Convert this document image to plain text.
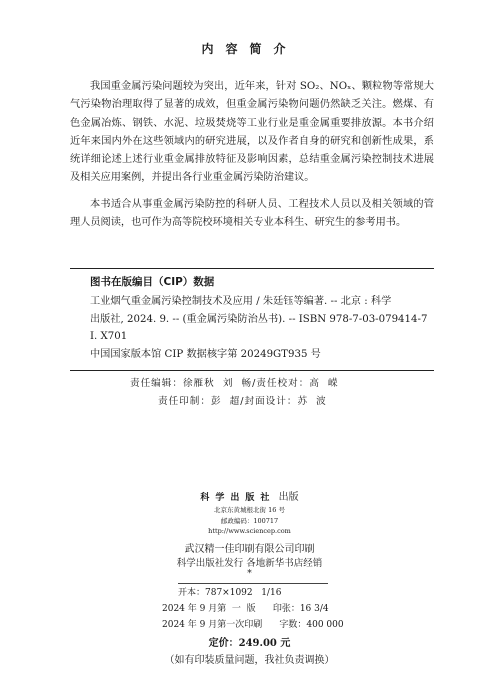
内容简介

我国重金属污染问题较为突出，近年来，针对 SO₂、NOₓ、颗粒物等常规大气污染物治理取得了显著的成效，但重金属污染物问题仍然缺乏关注。燃煤、有色金属冶炼、钢铁、水泥、垃圾焚烧等工业行业是重金属重要排放源。本书介绍近年来国内外在这些领域内的研究进展，以及作者自身的研究和创新性成果，系统详细论述上述行业重金属排放特征及影响因素，总结重金属污染控制技术进展及相关应用案例，并提出各行业重金属污染防治建议。

本书适合从事重金属污染防控的科研人员、工程技术人员以及相关领域的管理人员阅读，也可作为高等院校环境相关专业本科生、研究生的参考用书。

图书在版编目（CIP）数据
工业烟气重金属污染控制技术及应用 / 朱廷钰等编著. -- 北京 : 科学
出版社, 2024. 9. -- (重金属污染防治丛书). -- ISBN 978-7-03-079414-7
Ⅰ. X701
中国国家版本馆 CIP 数据核字第 20249GT935 号
责任编辑：徐雁秋  刘  畅/责任校对：高  嵘
责任印制：彭  超/封面设计：苏  波
科学出版社 出版
北京东黄城根北街 16 号
邮政编码：100717
http://www.sciencep.com
武汉精一佳印刷有限公司印刷
科学出版社发行 各地新华书店经销
*
开本：787×1092   1/16
2024 年 9 月第  一  版      印张：16 3/4
2024 年 9 月第一次印刷      字数：400 000
定价：249.00 元
（如有印装质量问题，我社负责调换）
